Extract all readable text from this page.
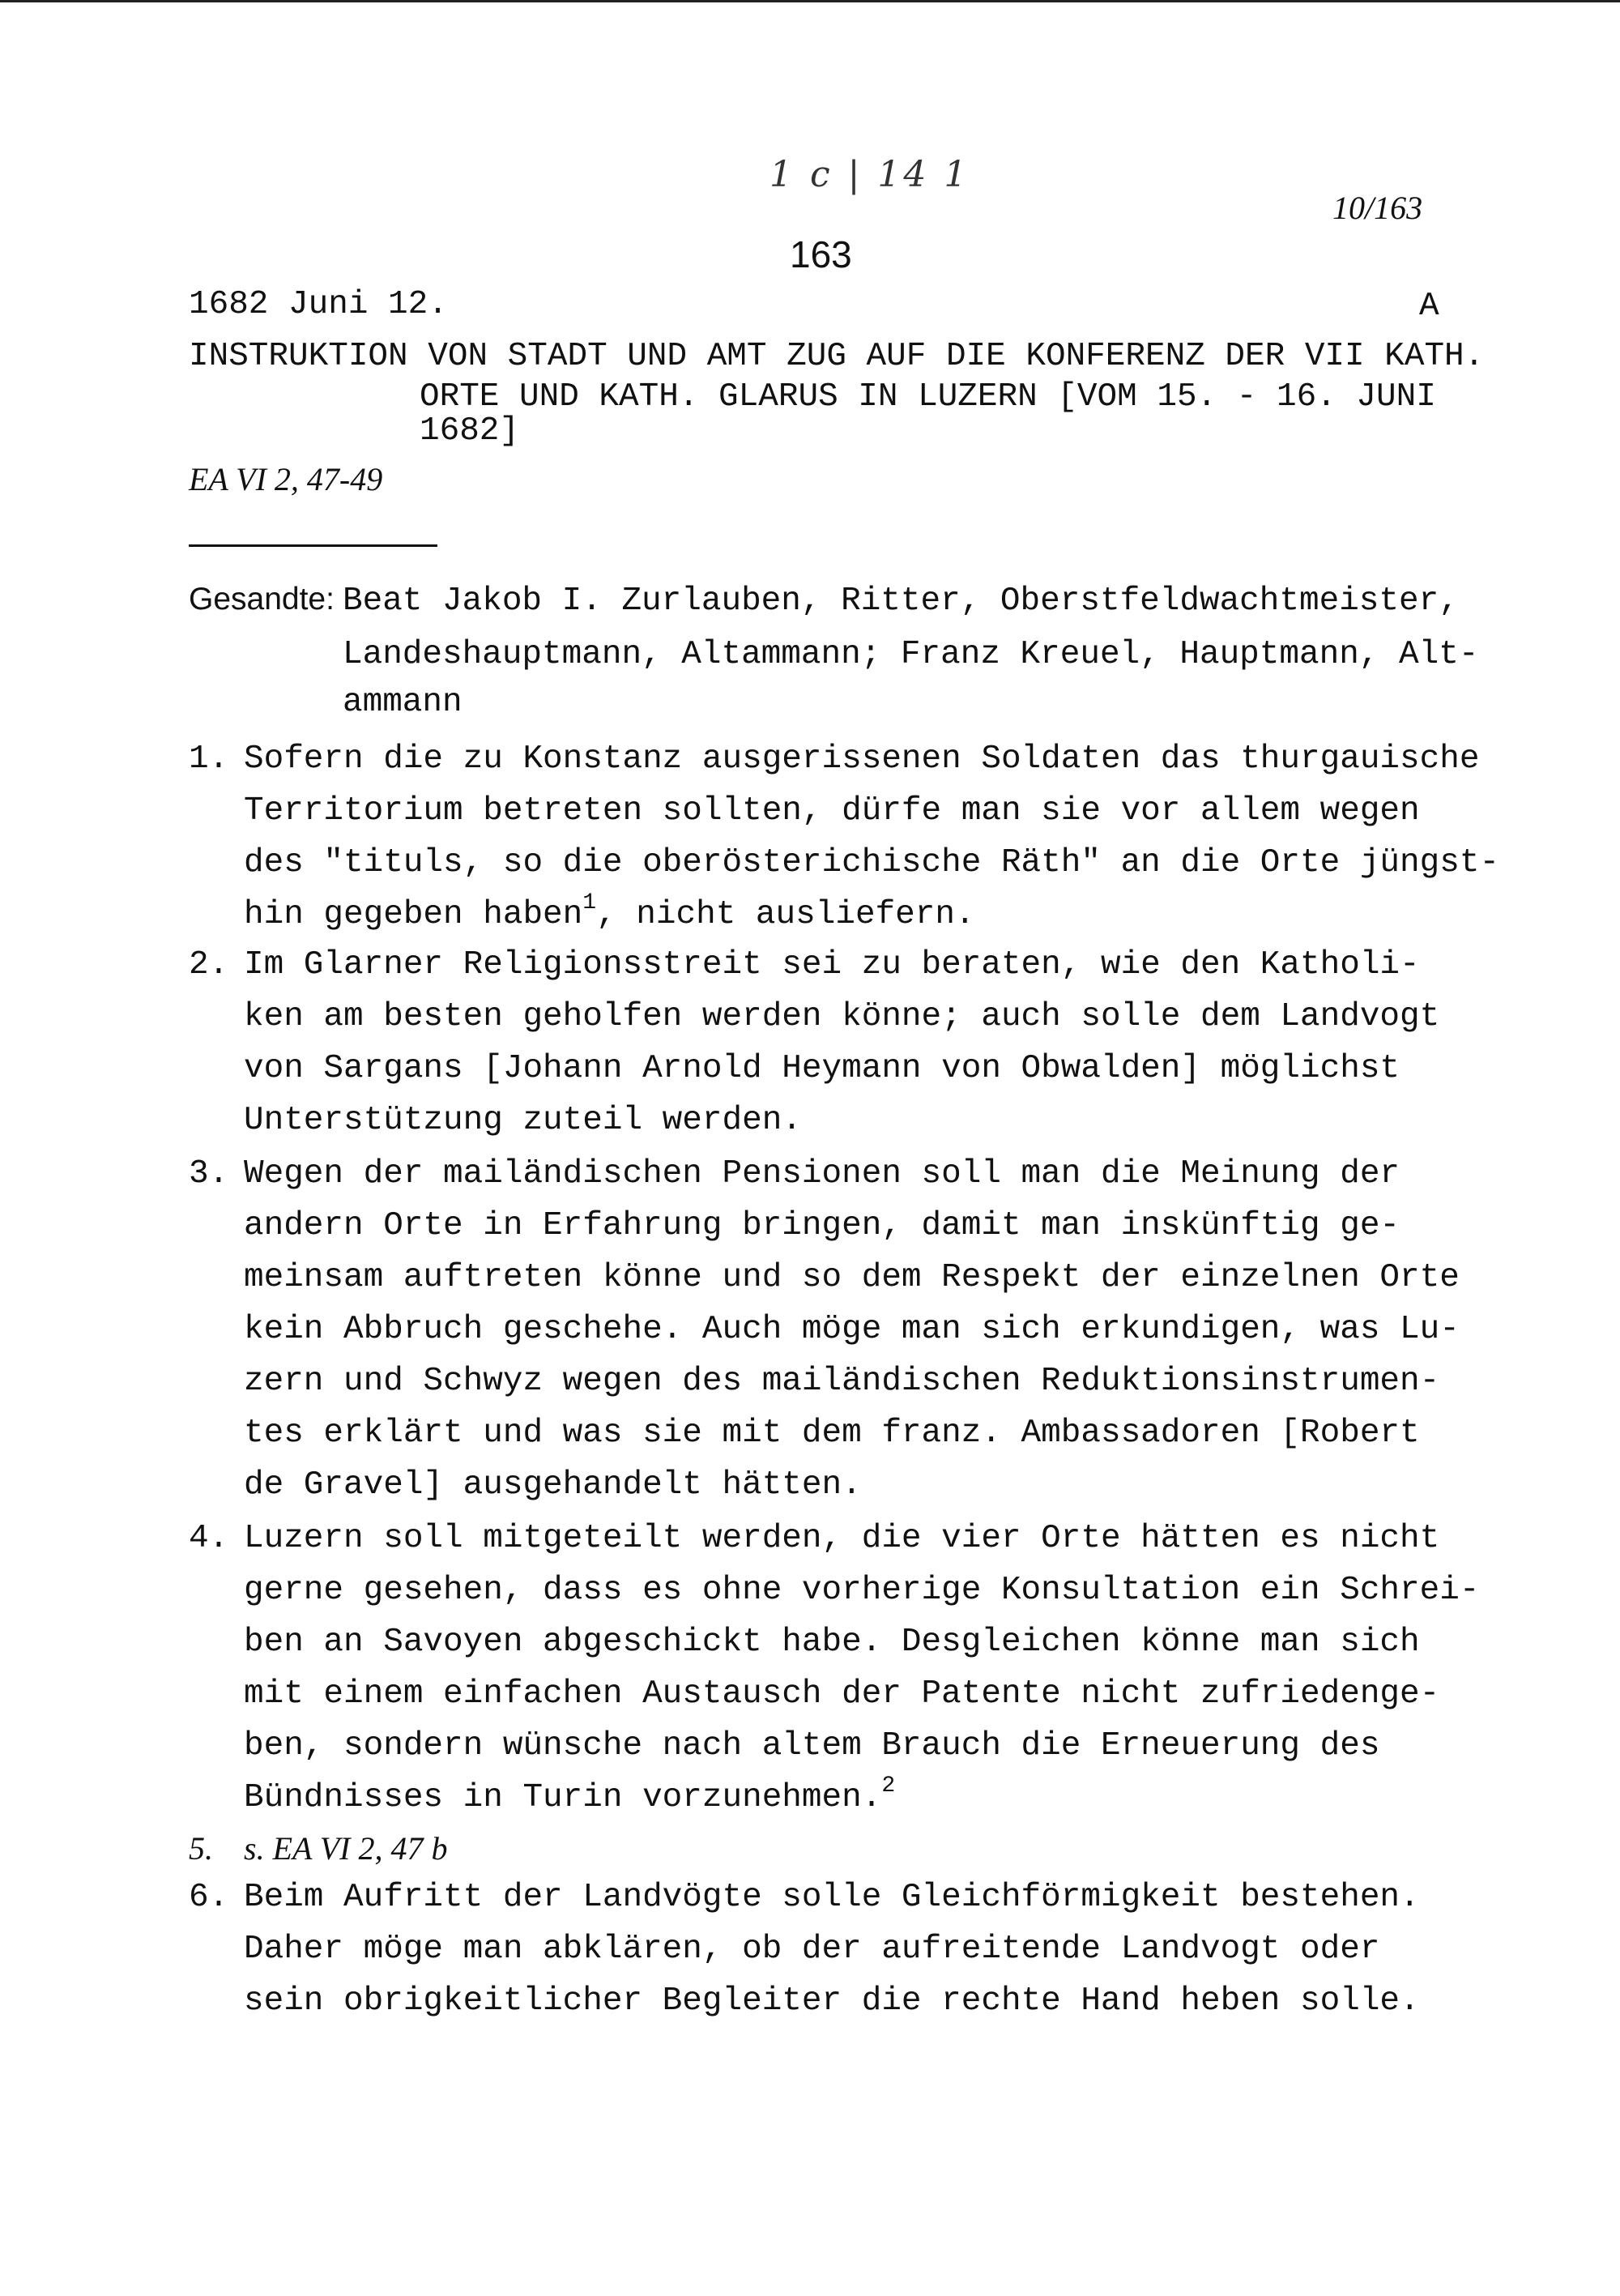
1 c | 14 1
10/163
163
1682 Juni 12.	A
INSTRUKTION VON STADT UND AMT ZUG AUF DIE KONFERENZ DER VII KATH.
ORTE UND KATH. GLARUS IN LUZERN [VOM 15. - 16. JUNI
1682]
EA VI 2, 47-49
Gesandte: Beat Jakob I. Zurlauben, Ritter, Oberstfeldwachtmeister,
Landeshauptmann, Altammann; Franz Kreuel, Hauptmann, Alt-
ammann
1. Sofern die zu Konstanz ausgerissenen Soldaten das thurgauische
Territorium betreten sollten, dürfe man sie vor allem wegen
des "tituls, so die oberösterichische Räth" an die Orte jüngst-
hin gegeben haben$^1$, nicht ausliefern.
2. Im Glarner Religionsstreit sei zu beraten, wie den Katholi-
ken am besten geholfen werden könne; auch solle dem Landvogt
von Sargans [Johann Arnold Heymann von Obwalden] möglichst
Unterstützung zuteil werden.
3. Wegen der mailändischen Pensionen soll man die Meinung der
andern Orte in Erfahrung bringen, damit man inskünftig ge-
meinsam auftreten könne und so dem Respekt der einzelnen Orte
kein Abbruch geschehe. Auch möge man sich erkundigen, was Lu-
zern und Schwyz wegen des mailändischen Reduktionsinstrumen-
tes erklärt und was sie mit dem franz. Ambassadoren [Robert
de Gravel] ausgehandelt hätten.
4. Luzern soll mitgeteilt werden, die vier Orte hätten es nicht
gerne gesehen, dass es ohne vorherige Konsultation ein Schrei-
ben an Savoyen abgeschickt habe. Desgleichen könne man sich
mit einem einfachen Austausch der Patente nicht zufriedenge-
ben, sondern wünsche nach altem Brauch die Erneuerung des
Bündnisses in Turin vorzunehmen.$^2$
5. s. EA VI 2, 47 b
6. Beim Aufritt der Landvögte solle Gleichförmigkeit bestehen.
Daher möge man abklären, ob der aufreitende Landvogt oder
sein obrigkeitlicher Begleiter die rechte Hand heben solle.
